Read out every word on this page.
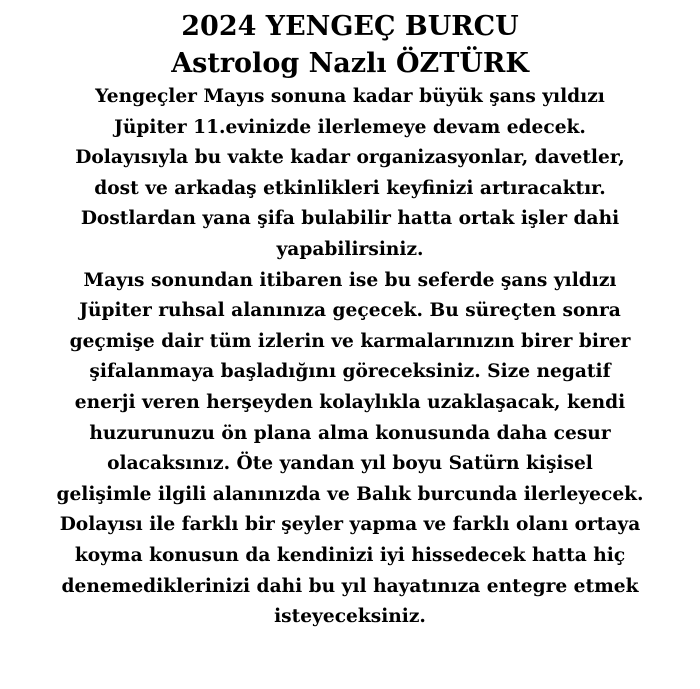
2024 YENGEÇ BURCU
Astrolog Nazlı ÖZTÜRK
Yengeçler Mayıs sonuna kadar büyük şans yıldızı
Jüpiter 11.evinizde ilerlemeye devam edecek.
Dolayısıyla bu vakte kadar organizasyonlar, davetler,
dost ve arkadaş etkinlikleri keyfinizi artıracaktır.
Dostlardan yana şifa bulabilir hatta ortak işler dahi
yapabilirsiniz.
Mayıs sonundan itibaren ise bu seferde şans yıldızı
Jüpiter ruhsal alanınıza geçecek. Bu süreçten sonra
geçmişe dair tüm izlerin ve karmalarınızın birer birer
şifalanmaya başladığını göreceksiniz. Size negatif
enerji veren herşeyden kolaylıkla uzaklaşacak, kendi
huzurunuzu ön plana alma konusunda daha cesur
olacaksınız. Öte yandan yıl boyu Satürn kişisel
gelişimle ilgili alanınızda ve Balık burcunda ilerleyecek.
Dolayısı ile farklı bir şeyler yapma ve farklı olanı ortaya
koyma konusun da kendinizi iyi hissedecek hatta hiç
denemediklerinizi dahi bu yıl hayatınıza entegre etmek
isteyeceksiniz.
